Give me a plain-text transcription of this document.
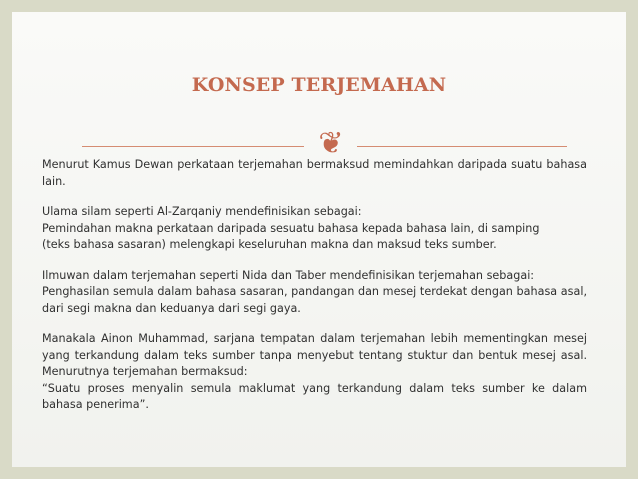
KONSEP TERJEMAHAN
❦

Menurut Kamus Dewan perkataan terjemahan bermaksud memindahkan daripada suatu bahasa lain.

Ulama silam seperti Al-Zarqaniy mendefinisikan sebagai:

Pemindahan makna perkataan daripada sesuatu bahasa kepada bahasa lain, di samping

(teks bahasa sasaran) melengkapi keseluruhan makna dan maksud teks sumber.

Ilmuwan dalam terjemahan seperti Nida dan Taber mendefinisikan terjemahan sebagai:

Penghasilan semula dalam bahasa sasaran, pandangan dan mesej terdekat dengan bahasa asal, dari segi makna dan keduanya dari segi gaya.

Manakala Ainon Muhammad, sarjana tempatan dalam terjemahan lebih mementingkan mesej yang terkandung dalam teks sumber tanpa menyebut tentang stuktur dan bentuk mesej asal. Menurutnya terjemahan bermaksud:

“Suatu proses menyalin semula maklumat yang terkandung dalam teks sumber ke dalam bahasa penerima”.
